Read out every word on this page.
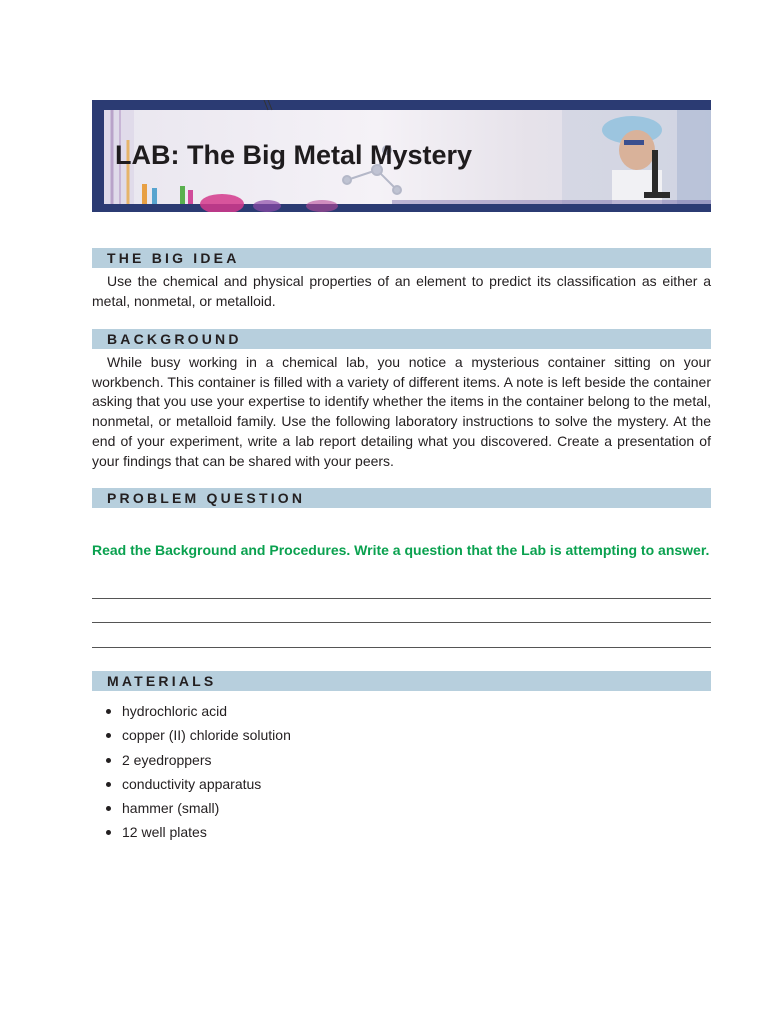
LAB: The Big Metal Mystery
THE BIG IDEA

Use the chemical and physical properties of an element to predict its classification as either a metal, nonmetal, or metalloid.

BACKGROUND

While busy working in a chemical lab, you notice a mysterious container sitting on your workbench. This container is filled with a variety of different items. A note is left beside the container asking that you use your expertise to identify whether the items in the container belong to the metal, nonmetal, or metalloid family. Use the following laboratory instructions to solve the mystery. At the end of your experiment, write a lab report detailing what you discovered. Create a presentation of your findings that can be shared with your peers.

PROBLEM QUESTION

Read the Background and Procedures. Write a question that the Lab is attempting to answer.

MATERIALS
hydrochloric acid
copper (II) chloride solution
2 eyedroppers
conductivity apparatus
hammer (small)
12 well plates
